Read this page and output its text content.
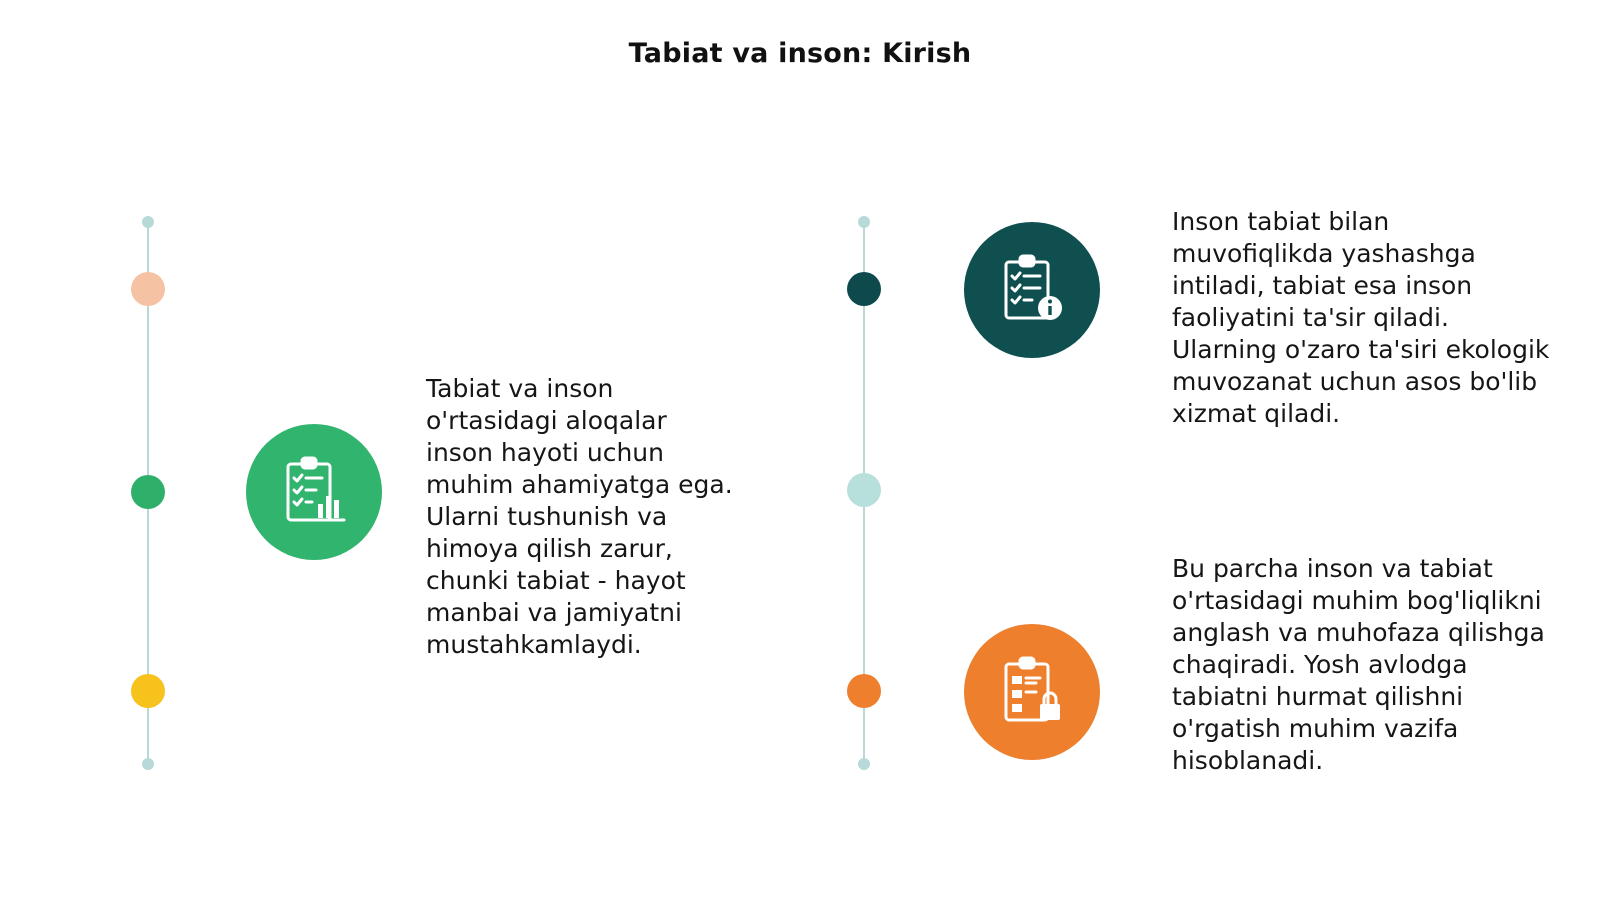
Tabiat va inson: Kirish
Tabiat va inson o'rtasidagi aloqalar inson hayoti uchun muhim ahamiyatga ega. Ularni tushunish va himoya qilish zarur, chunki tabiat - hayot manbai va jamiyatni mustahkamlaydi.
Inson tabiat bilan muvofiqlikda yashashga intiladi, tabiat esa inson faoliyatini ta'sir qiladi. Ularning o'zaro ta'siri ekologik muvozanat uchun asos bo'lib xizmat qiladi.
Bu parcha inson va tabiat o'rtasidagi muhim bog'liqlikni anglash va muhofaza qilishga chaqiradi. Yosh avlodga tabiatni hurmat qilishni o'rgatish muhim vazifa hisoblanadi.
